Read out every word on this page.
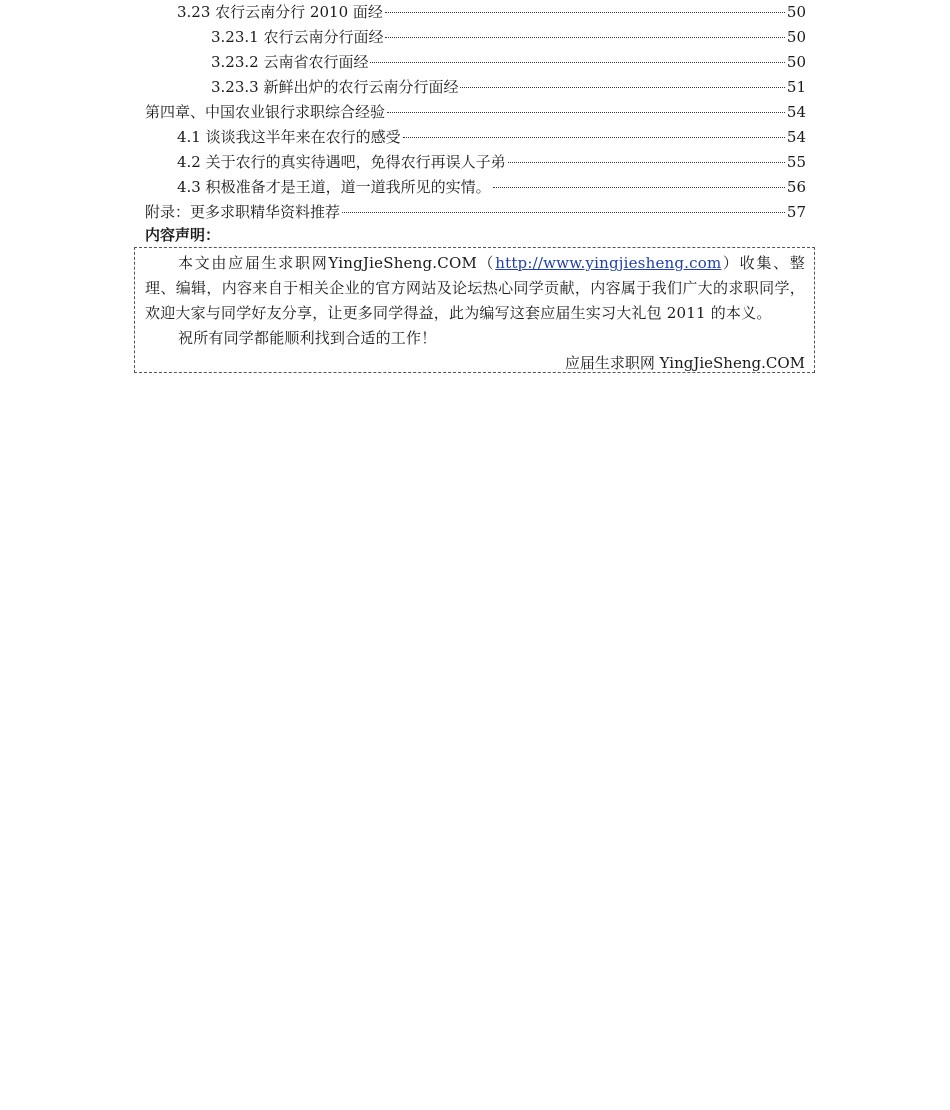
3.23 农行云南分行 2010 面经	50
3.23.1 农行云南分行面经	50
3.23.2 云南省农行面经	50
3.23.3 新鲜出炉的农行云南分行面经	51
第四章、中国农业银行求职综合经验	54
4.1 谈谈我这半年来在农行的感受	54
4.2 关于农行的真实待遇吧，免得农行再误人子弟	55
4.3 积极准备才是王道，道一道我所见的实情。	56
附录：更多求职精华资料推荐	57
内容声明：

本文由应届生求职网YingJieSheng.COM（http://www.yingjiesheng.com）收集、整理、编辑，内容来自于相关企业的官方网站及论坛热心同学贡献，内容属于我们广大的求职同学，欢迎大家与同学好友分享，让更多同学得益，此为编写这套应届生实习大礼包 2011 的本义。

祝所有同学都能顺利找到合适的工作！

应届生求职网 YingJieSheng.COM
